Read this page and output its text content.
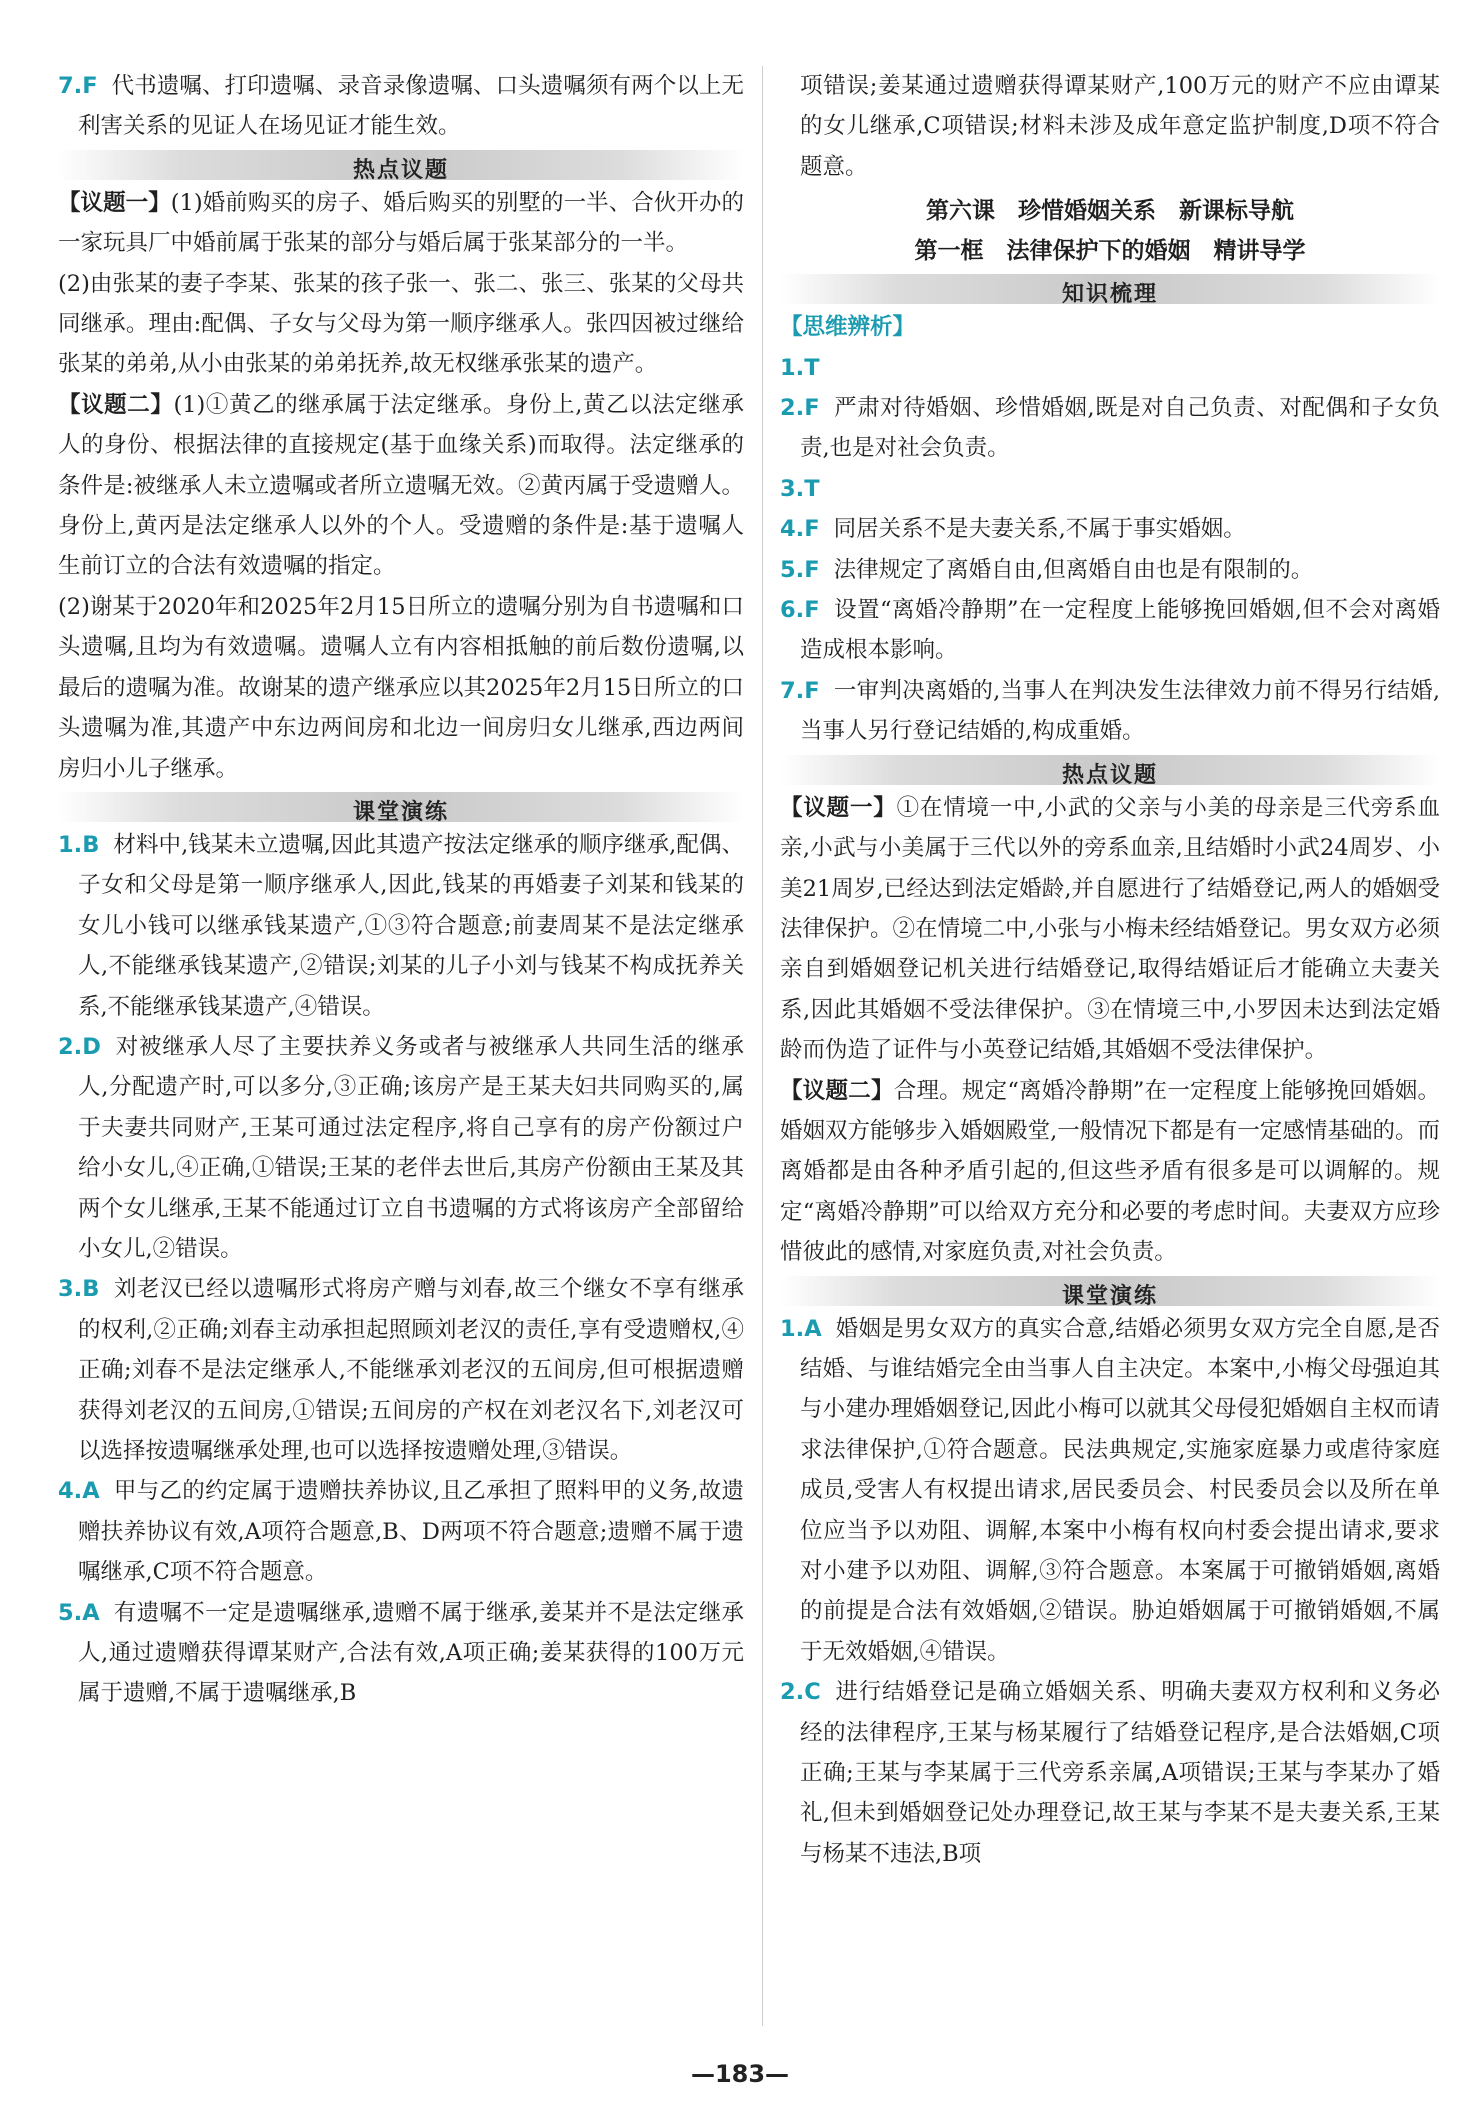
7.F 代书遗嘱、打印遗嘱、录音录像遗嘱、口头遗嘱须有两个以上无利害关系的见证人在场见证才能生效。

热点议题

【议题一】(1)婚前购买的房子、婚后购买的别墅的一半、合伙开办的一家玩具厂中婚前属于张某的部分与婚后属于张某部分的一半。

(2)由张某的妻子李某、张某的孩子张一、张二、张三、张某的父母共同继承。理由:配偶、子女与父母为第一顺序继承人。张四因被过继给张某的弟弟,从小由张某的弟弟抚养,故无权继承张某的遗产。

【议题二】(1)①黄乙的继承属于法定继承。身份上,黄乙以法定继承人的身份、根据法律的直接规定(基于血缘关系)而取得。法定继承的条件是:被继承人未立遗嘱或者所立遗嘱无效。②黄丙属于受遗赠人。身份上,黄丙是法定继承人以外的个人。受遗赠的条件是:基于遗嘱人生前订立的合法有效遗嘱的指定。

(2)谢某于2020年和2025年2月15日所立的遗嘱分别为自书遗嘱和口头遗嘱,且均为有效遗嘱。遗嘱人立有内容相抵触的前后数份遗嘱,以最后的遗嘱为准。故谢某的遗产继承应以其2025年2月15日所立的口头遗嘱为准,其遗产中东边两间房和北边一间房归女儿继承,西边两间房归小儿子继承。

课堂演练

1.B 材料中,钱某未立遗嘱,因此其遗产按法定继承的顺序继承,配偶、子女和父母是第一顺序继承人,因此,钱某的再婚妻子刘某和钱某的女儿小钱可以继承钱某遗产,①③符合题意;前妻周某不是法定继承人,不能继承钱某遗产,②错误;刘某的儿子小刘与钱某不构成抚养关系,不能继承钱某遗产,④错误。

2.D 对被继承人尽了主要扶养义务或者与被继承人共同生活的继承人,分配遗产时,可以多分,③正确;该房产是王某夫妇共同购买的,属于夫妻共同财产,王某可通过法定程序,将自己享有的房产份额过户给小女儿,④正确,①错误;王某的老伴去世后,其房产份额由王某及其两个女儿继承,王某不能通过订立自书遗嘱的方式将该房产全部留给小女儿,②错误。

3.B 刘老汉已经以遗嘱形式将房产赠与刘春,故三个继女不享有继承的权利,②正确;刘春主动承担起照顾刘老汉的责任,享有受遗赠权,④正确;刘春不是法定继承人,不能继承刘老汉的五间房,但可根据遗赠获得刘老汉的五间房,①错误;五间房的产权在刘老汉名下,刘老汉可以选择按遗嘱继承处理,也可以选择按遗赠处理,③错误。

4.A 甲与乙的约定属于遗赠扶养协议,且乙承担了照料甲的义务,故遗赠扶养协议有效,A项符合题意,B、D两项不符合题意;遗赠不属于遗嘱继承,C项不符合题意。

5.A 有遗嘱不一定是遗嘱继承,遗赠不属于继承,姜某并不是法定继承人,通过遗赠获得谭某财产,合法有效,A项正确;姜某获得的100万元属于遗赠,不属于遗嘱继承,B

项错误;姜某通过遗赠获得谭某财产,100万元的财产不应由谭某的女儿继承,C项错误;材料未涉及成年意定监护制度,D项不符合题意。

第六课　珍惜婚姻关系　新课标导航
第一框　法律保护下的婚姻　精讲导学
知识梳理

【思维辨析】

1.T

2.F 严肃对待婚姻、珍惜婚姻,既是对自己负责、对配偶和子女负责,也是对社会负责。

3.T

4.F 同居关系不是夫妻关系,不属于事实婚姻。

5.F 法律规定了离婚自由,但离婚自由也是有限制的。

6.F 设置“离婚冷静期”在一定程度上能够挽回婚姻,但不会对离婚造成根本影响。

7.F 一审判决离婚的,当事人在判决发生法律效力前不得另行结婚,当事人另行登记结婚的,构成重婚。

热点议题

【议题一】①在情境一中,小武的父亲与小美的母亲是三代旁系血亲,小武与小美属于三代以外的旁系血亲,且结婚时小武24周岁、小美21周岁,已经达到法定婚龄,并自愿进行了结婚登记,两人的婚姻受法律保护。②在情境二中,小张与小梅未经结婚登记。男女双方必须亲自到婚姻登记机关进行结婚登记,取得结婚证后才能确立夫妻关系,因此其婚姻不受法律保护。③在情境三中,小罗因未达到法定婚龄而伪造了证件与小英登记结婚,其婚姻不受法律保护。

【议题二】合理。规定“离婚冷静期”在一定程度上能够挽回婚姻。婚姻双方能够步入婚姻殿堂,一般情况下都是有一定感情基础的。而离婚都是由各种矛盾引起的,但这些矛盾有很多是可以调解的。规定“离婚冷静期”可以给双方充分和必要的考虑时间。夫妻双方应珍惜彼此的感情,对家庭负责,对社会负责。

课堂演练

1.A 婚姻是男女双方的真实合意,结婚必须男女双方完全自愿,是否结婚、与谁结婚完全由当事人自主决定。本案中,小梅父母强迫其与小建办理婚姻登记,因此小梅可以就其父母侵犯婚姻自主权而请求法律保护,①符合题意。民法典规定,实施家庭暴力或虐待家庭成员,受害人有权提出请求,居民委员会、村民委员会以及所在单位应当予以劝阻、调解,本案中小梅有权向村委会提出请求,要求对小建予以劝阻、调解,③符合题意。本案属于可撤销婚姻,离婚的前提是合法有效婚姻,②错误。胁迫婚姻属于可撤销婚姻,不属于无效婚姻,④错误。

2.C 进行结婚登记是确立婚姻关系、明确夫妻双方权利和义务必经的法律程序,王某与杨某履行了结婚登记程序,是合法婚姻,C项正确;王某与李某属于三代旁系亲属,A项错误;王某与李某办了婚礼,但未到婚姻登记处办理登记,故王某与李某不是夫妻关系,王某与杨某不违法,B项

—183—
